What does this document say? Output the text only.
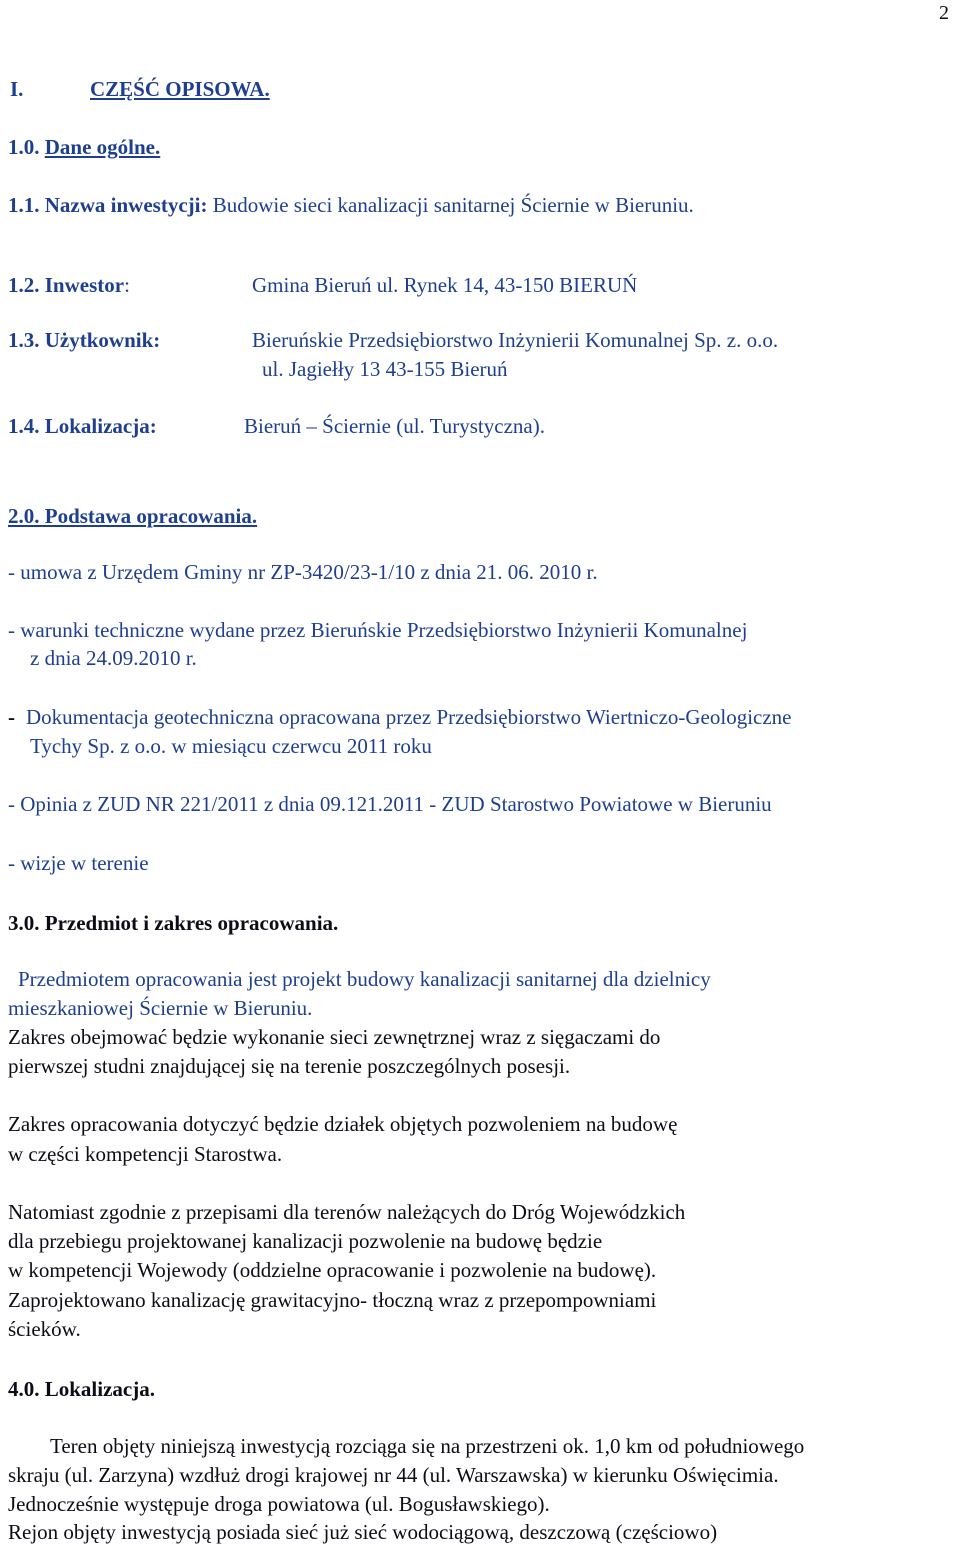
2
I.	CZĘŚĆ OPISOWA.
1.0. Dane ogólne.
1.1. Nazwa inwestycji: Budowie sieci kanalizacji sanitarnej Ściernie w Bieruniu.
1.2. Inwestor:	Gmina Bieruń ul. Rynek 14, 43-150 BIERUŃ
1.3. Użytkownik:	Bieruńskie Przedsiębiorstwo Inżynierii Komunalnej Sp. z. o.o.
ul. Jagiełły 13 43-155 Bieruń
1.4. Lokalizacja:	Bieruń – Ściernie (ul. Turystyczna).
2.0. Podstawa opracowania.
- umowa z Urzędem Gminy nr ZP-3420/23-1/10 z dnia 21. 06. 2010 r.
- warunki techniczne wydane przez Bieruńskie Przedsiębiorstwo Inżynierii Komunalnej
z dnia 24.09.2010 r.
- Dokumentacja geotechniczna opracowana przez Przedsiębiorstwo Wiertniczo-Geologiczne
Tychy Sp. z o.o. w miesiącu czerwcu 2011 roku
- Opinia z ZUD NR 221/2011 z dnia 09.121.2011 - ZUD Starostwo Powiatowe w Bieruniu
- wizje w terenie
3.0. Przedmiot i zakres opracowania.
Przedmiotem opracowania jest projekt budowy kanalizacji sanitarnej dla dzielnicy
mieszkaniowej Ściernie w Bieruniu.
Zakres obejmować będzie wykonanie sieci zewnętrznej wraz z sięgaczami do
pierwszej studni znajdującej się na terenie poszczególnych posesji.
Zakres opracowania dotyczyć będzie działek objętych pozwoleniem na budowę
w części kompetencji Starostwa.
Natomiast zgodnie z przepisami dla terenów należących do Dróg Wojewódzkich
dla przebiegu projektowanej kanalizacji pozwolenie na budowę będzie
w kompetencji Wojewody (oddzielne opracowanie i pozwolenie na budowę).
Zaprojektowano kanalizację grawitacyjno- tłoczną wraz z przepompowniami
ścieków.
4.0. Lokalizacja.
Teren objęty niniejszą inwestycją rozciąga się na przestrzeni ok. 1,0 km od południowego
skraju (ul. Zarzyna) wzdłuż drogi krajowej nr 44 (ul. Warszawska) w kierunku Oświęcimia.
Jednocześnie występuje droga powiatowa (ul. Bogusławskiego).
Rejon objęty inwestycją posiada sieć już sieć wodociągową, deszczową (częściowo)
